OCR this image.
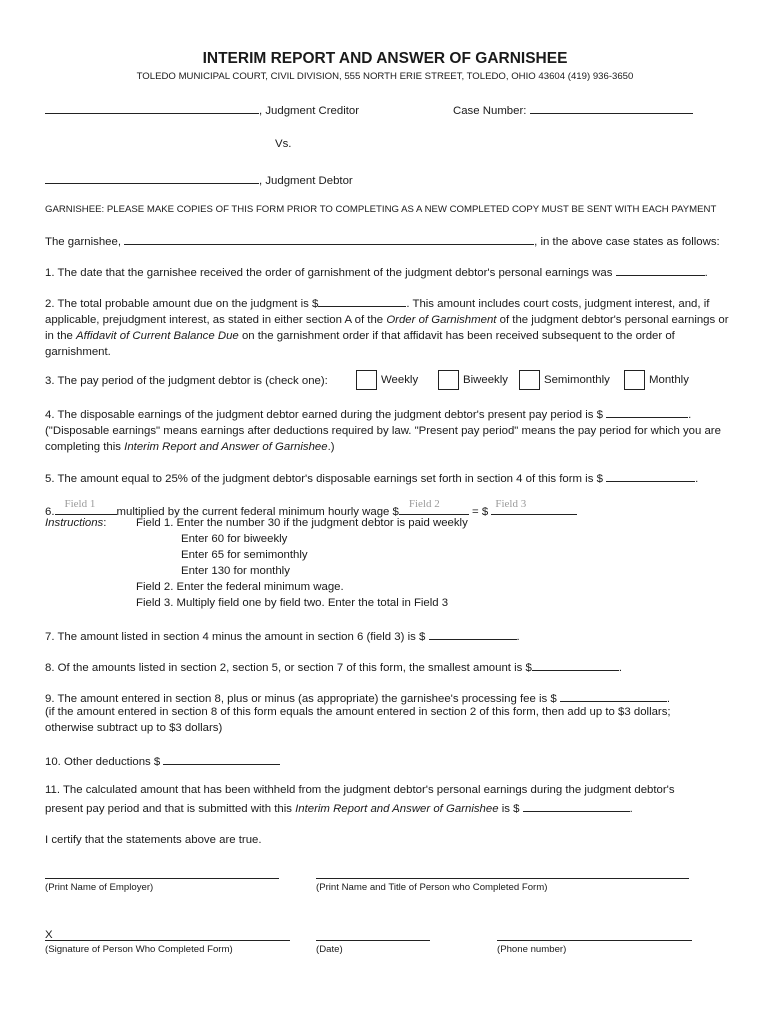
INTERIM REPORT AND ANSWER OF GARNISHEE
TOLEDO MUNICIPAL COURT, CIVIL DIVISION, 555 NORTH ERIE STREET, TOLEDO, OHIO 43604 (419) 936-3650
, Judgment Creditor	Case Number:
Vs.
, Judgment Debtor
GARNISHEE: PLEASE MAKE COPIES OF THIS FORM PRIOR TO COMPLETING AS A NEW COMPLETED COPY MUST BE SENT WITH EACH PAYMENT
The garnishee,	, in the above case states as follows:
1. The date that the garnishee received the order of garnishment of the judgment debtor's personal earnings was	.
2. The total probable amount due on the judgment is $	. This amount includes court costs, judgment interest, and, if applicable, prejudgment interest, as stated in either section A of the Order of Garnishment of the judgment debtor's personal earnings or in the Affidavit of Current Balance Due on the garnishment order if that affidavit has been received subsequent to the order of garnishment.
3. The pay period of the judgment debtor is (check one):	Weekly	Biweekly	Semimonthly	Monthly
4. The disposable earnings of the judgment debtor earned during the judgment debtor's present pay period is $	. ("Disposable earnings" means earnings after deductions required by law. "Present pay period" means the pay period for which you are completing this Interim Report and Answer of Garnishee.)
5. The amount equal to 25% of the judgment debtor's disposable earnings set forth in section 4 of this form is $	.
6.
Field 1
multiplied by the current federal minimum hourly wage $
Field 2
= $
Field 3
Instructions:	Field 1. Enter the number 30 if the judgment debtor is paid weekly
Enter 60 for biweekly
Enter 65 for semimonthly
Enter 130 for monthly
Field 2. Enter the federal minimum wage.
Field 3. Multiply field one by field two. Enter the total in Field 3
7. The amount listed in section 4 minus the amount in section 6 (field 3) is $	.
8. Of the amounts listed in section 2, section 5, or section 7 of this form, the smallest amount is $	.
9. The amount entered in section 8, plus or minus (as appropriate) the garnishee's processing fee is $	.
(if the amount entered in section 8 of this form equals the amount entered in section 2 of this form, then add up to $3 dollars;
otherwise subtract up to $3 dollars)
10. Other deductions $
11. The calculated amount that has been withheld from the judgment debtor's personal earnings during the judgment debtor's
present pay period and that is submitted with this Interim Report and Answer of Garnishee is $	.
I certify that the statements above are true.
(Print Name of Employer)	(Print Name and Title of Person who Completed Form)
X
(Signature of Person Who Completed Form)	(Date)	(Phone number)
